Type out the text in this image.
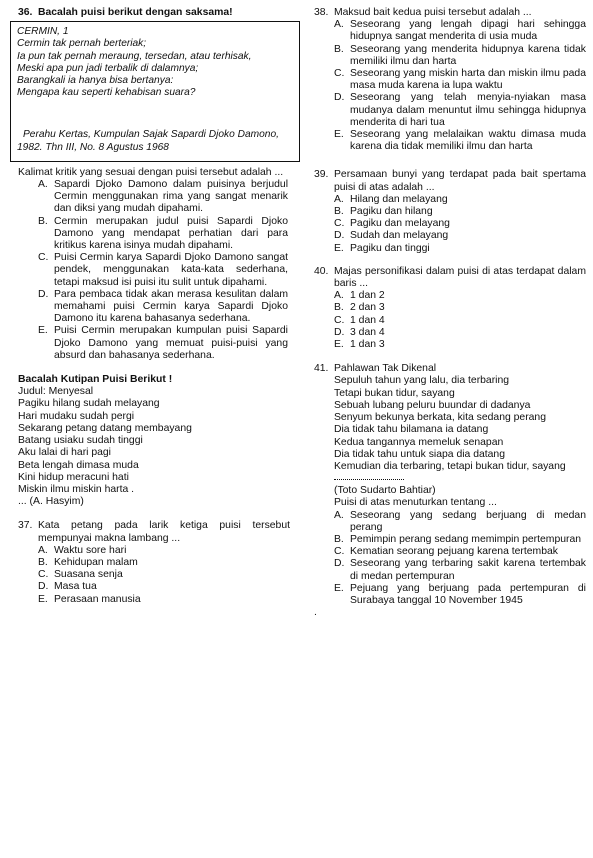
36. Bacalah puisi berikut dengan saksama!
CERMIN, 1
Cermin tak pernah berteriak;
Ia pun tak pernah meraung, tersedan, atau terhisak,
Meski apa pun jadi terbalik di dalamnya;
Barangkali ia hanya bisa bertanya:
Mengapa kau seperti kehabisan suara?
Perahu Kertas, Kumpulan Sajak Sapardi Djoko Damono,
1982. Thn III, No. 8 Agustus 1968
Kalimat kritik yang sesuai dengan puisi tersebut adalah ...
A. Sapardi Djoko Damono dalam puisinya berjudul Cermin menggunakan rima yang sangat menarik dan diksi yang mudah dipahami.
B. Cermin merupakan judul puisi Sapardi Djoko Damono yang mendapat perhatian dari para kritikus karena isinya mudah dipahami.
C. Puisi Cermin karya Sapardi Djoko Damono sangat pendek, menggunakan kata-kata sederhana, tetapi maksud isi puisi itu sulit untuk dipahami.
D. Para pembaca tidak akan merasa kesulitan dalam memahami puisi Cermin karya Sapardi Djoko Damono itu karena bahasanya sederhana.
E. Puisi Cermin merupakan kumpulan puisi Sapardi Djoko Damono yang memuat puisi-puisi yang absurd dan bahasanya sederhana.
Bacalah Kutipan Puisi Berikut !
Judul: Menyesal
Pagiku hilang sudah melayang
Hari mudaku sudah pergi
Sekarang petang datang membayang
Batang usiaku sudah tinggi
Aku lalai di hari pagi
Beta lengah dimasa muda
Kini hidup meracuni hati
Miskin ilmu miskin harta .
... (A. Hasyim)
37. Kata petang pada larik ketiga puisi tersebut mempunyai makna lambang ...
A. Waktu sore hari
B. Kehidupan malam
C. Suasana senja
D. Masa tua
E. Perasaan manusia
38. Maksud bait kedua puisi tersebut adalah ...
A. Seseorang yang lengah dipagi hari sehingga hidupnya sangat menderita di usia muda
B. Seseorang yang menderita hidupnya karena tidak memiliki ilmu dan harta
C. Seseorang yang miskin harta dan miskin ilmu pada masa muda karena ia lupa waktu
D. Seseorang yang telah menyia-nyiakan masa mudanya dalam menuntut ilmu sehingga hidupnya menderita di hari tua
E. Seseorang yang melalaikan waktu dimasa muda karena dia tidak memiliki ilmu dan harta
39. Persamaan bunyi yang terdapat pada bait spertama puisi di atas adalah ...
A. Hilang dan melayang
B. Pagiku dan hilang
C. Pagiku dan melayang
D. Sudah dan melayang
E. Pagiku dan tinggi
40. Majas personifikasi dalam puisi di atas terdapat dalam baris ...
A. 1 dan 2
B. 2 dan 3
C. 1 dan 4
D. 3 dan 4
E. 1 dan 3
41. Pahlawan Tak Dikenal
Sepuluh tahun yang lalu, dia terbaring
Tetapi bukan tidur, sayang
Sebuah lubang peluru buundar di dadanya
Senyum bekunya berkata, kita sedang perang
Dia tidak tahu bilamana ia datang
Kedua tangannya memeluk senapan
Dia tidak tahu untuk siapa dia datang
Kemudian dia terbaring, tetapi bukan tidur, sayang
(Toto Sudarto Bahtiar)
Puisi di atas menuturkan tentang ...
A. Seseorang yang sedang berjuang di medan perang
B. Pemimpin perang sedang memimpin pertempuran
C. Kematian seorang pejuang karena tertembak
D. Seseorang yang terbaring sakit karena tertembak di medan pertempuran
E. Pejuang yang berjuang pada pertempuran di Surabaya tanggal 10 November 1945
.
